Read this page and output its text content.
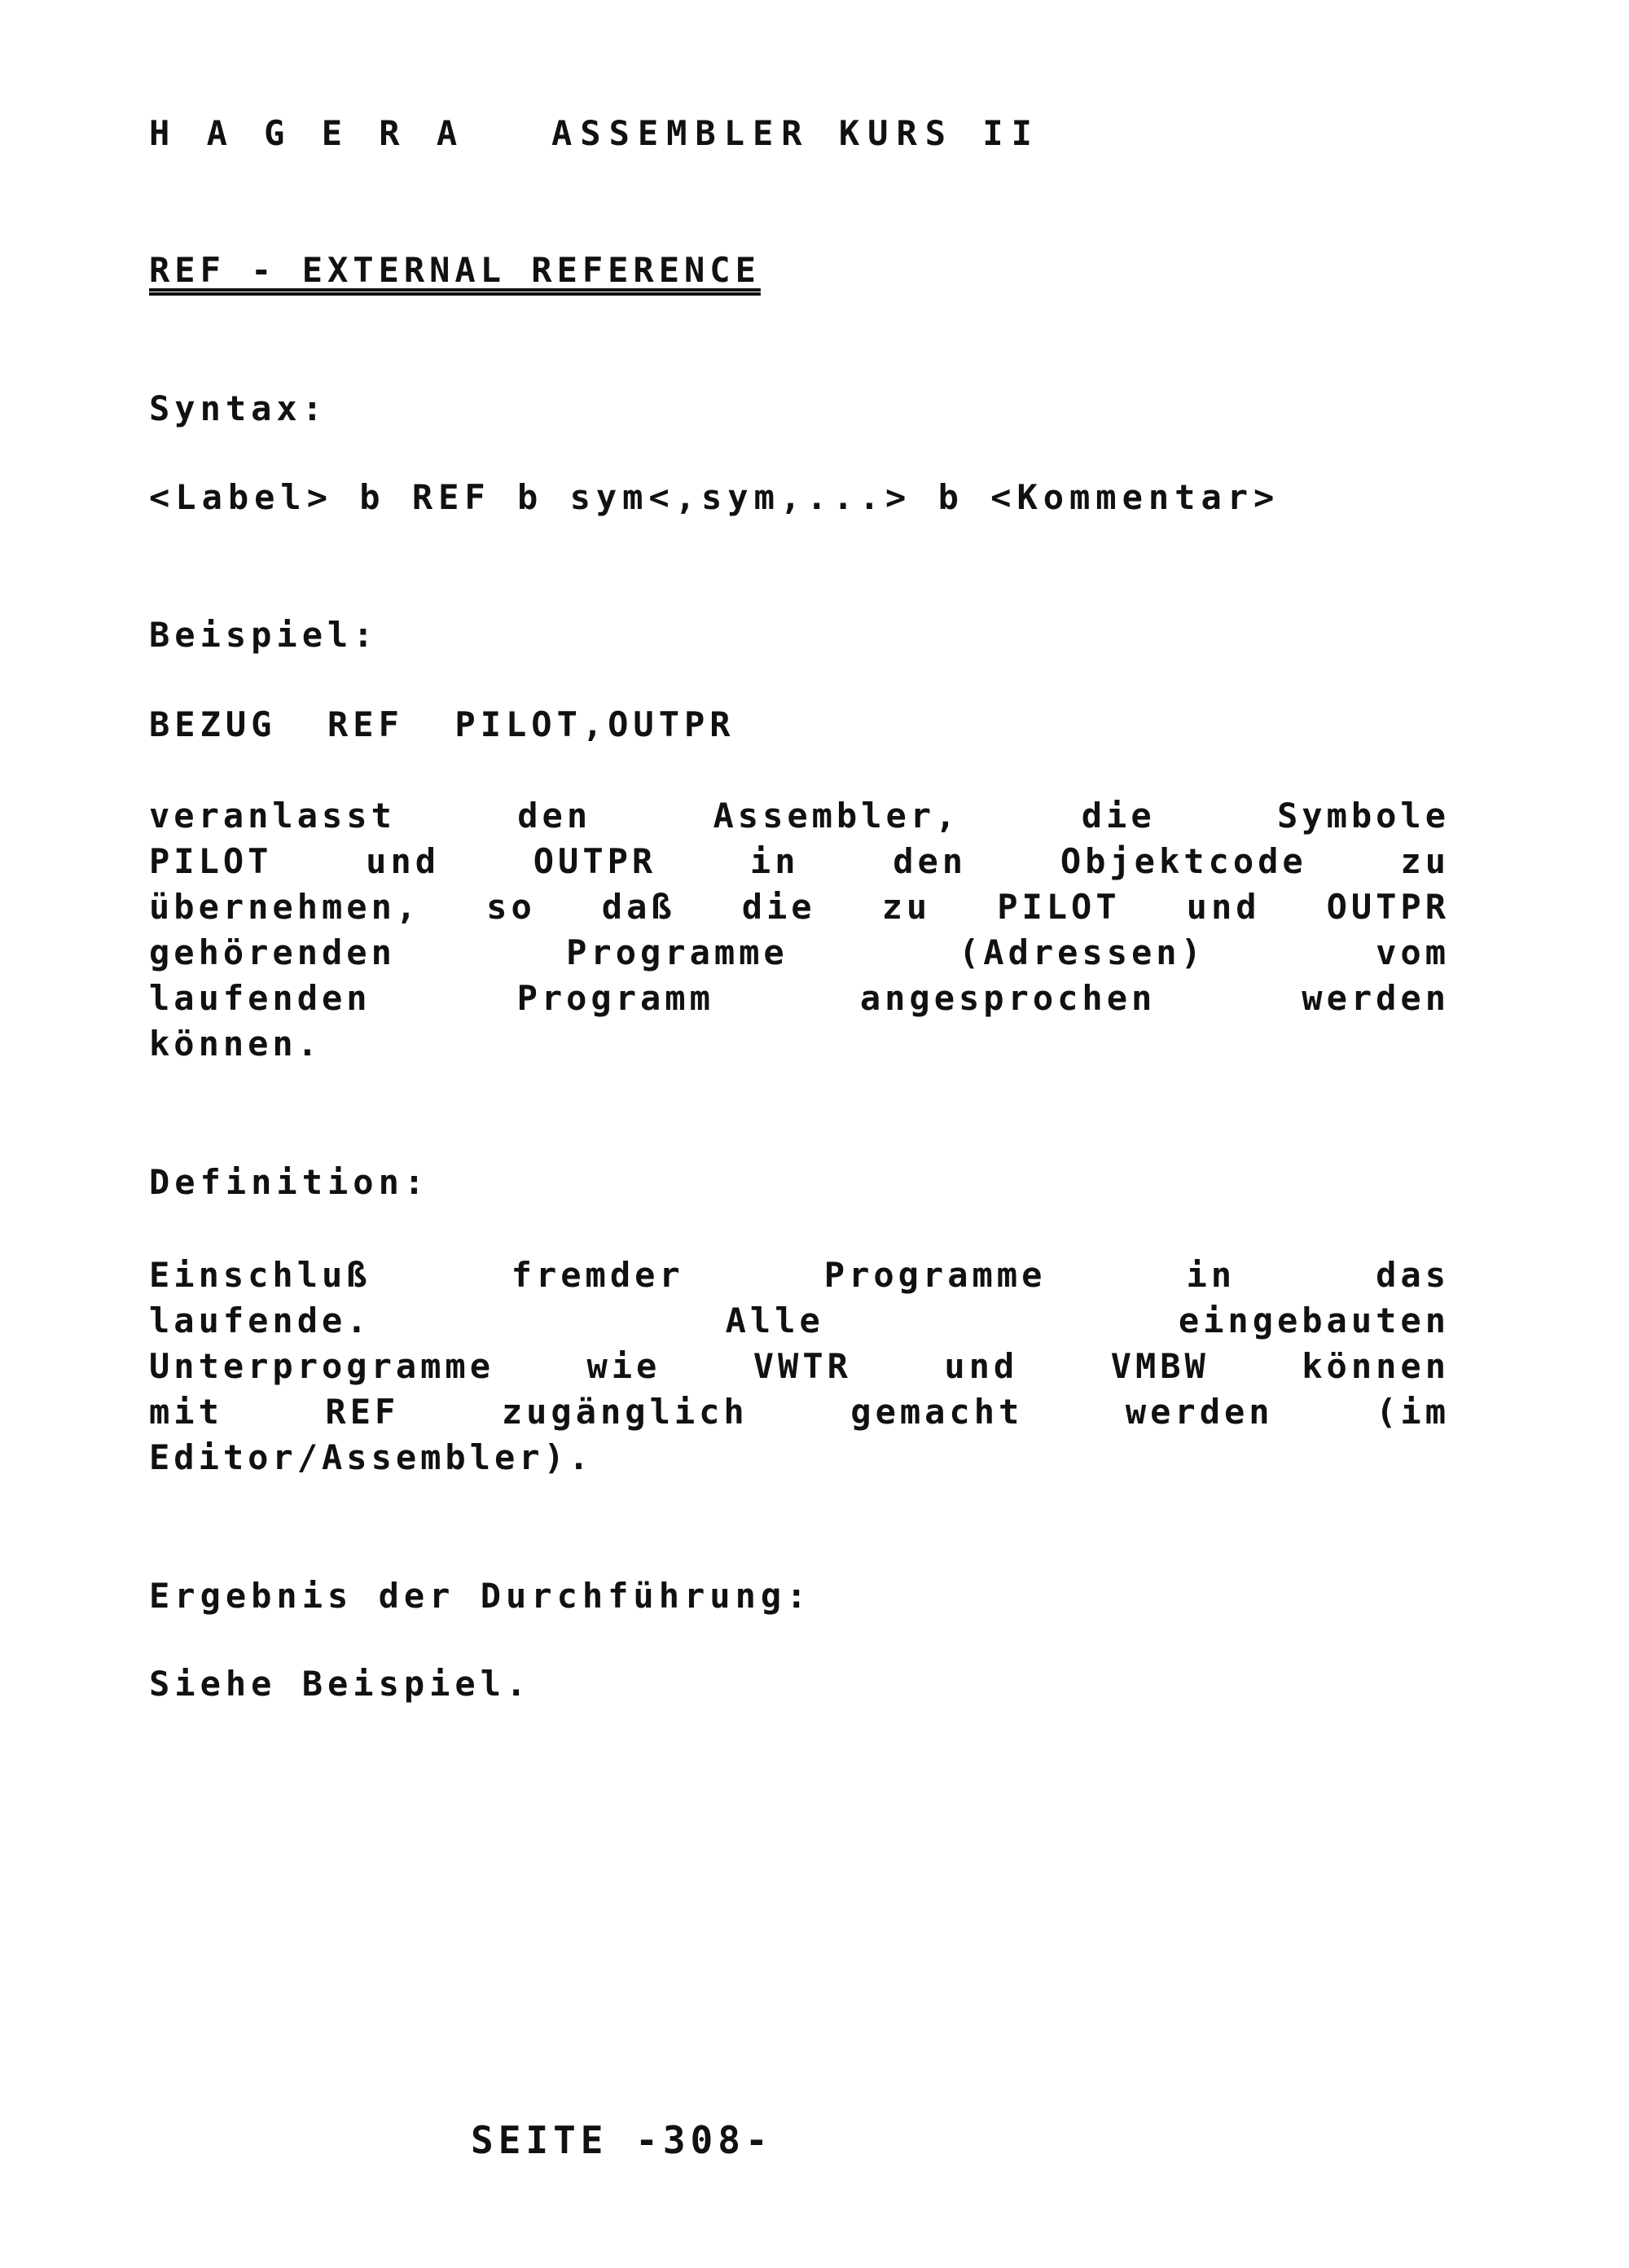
H A G E R A   ASSEMBLER KURS II
REF - EXTERNAL REFERENCE
Syntax:
<Label> b REF b sym<,sym,...> b <Kommentar>
Beispiel:
BEZUG  REF  PILOT,OUTPR
veranlasst den Assembler, die Symbole
PILOT und OUTPR in den Objektcode zu
übernehmen, so daß die zu PILOT und OUTPR
gehörenden Programme (Adressen) vom
laufenden Programm angesprochen werden
können.
Definition:
Einschluß fremder Programme in das
laufende. Alle eingebauten
Unterprogramme wie VWTR und VMBW können
mit REF zugänglich gemacht werden (im
Editor/Assembler).
Ergebnis der Durchführung:
Siehe Beispiel.
SEITE -308-
